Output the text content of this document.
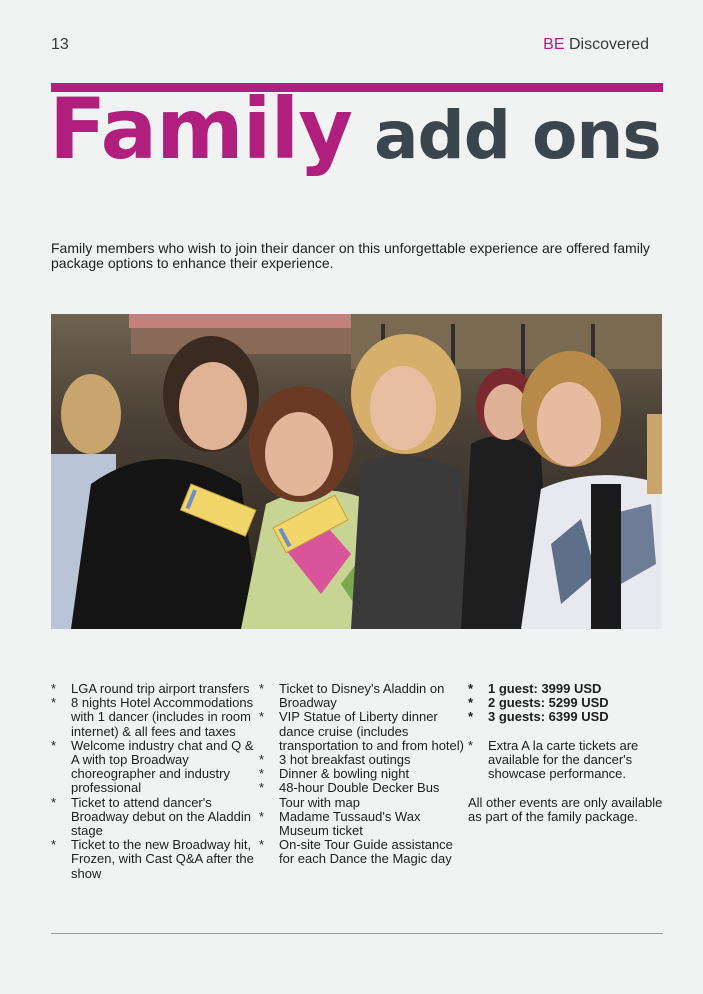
13	BE Discovered
Family add ons

Family members who wish to join their dancer on this unforgettable experience are offered family package options to enhance their experience.

* LGA round trip airport transfers
* 8 nights Hotel Accommodations with 1 dancer (includes in room internet) & all fees and taxes
* Welcome industry chat and Q & A with top Broadway choreographer and industry professional
* Ticket to attend dancer's Broadway debut on the Aladdin stage
* Ticket to the new Broadway hit, Frozen, with Cast Q&A after the show
* Ticket to Disney's Aladdin on Broadway
* VIP Statue of Liberty dinner dance cruise (includes transportation to and from hotel)
* 3 hot breakfast outings
* Dinner & bowling night
* 48-hour Double Decker Bus Tour with map
* Madame Tussaud's Wax Museum ticket
* On-site Tour Guide assistance for each Dance the Magic day
* 1 guest: 3999 USD
* 2 guests: 5299 USD
* 3 guests: 6399 USD
* Extra A la carte tickets are available for the dancer's showcase performance.

All other events are only available as part of the family package.
